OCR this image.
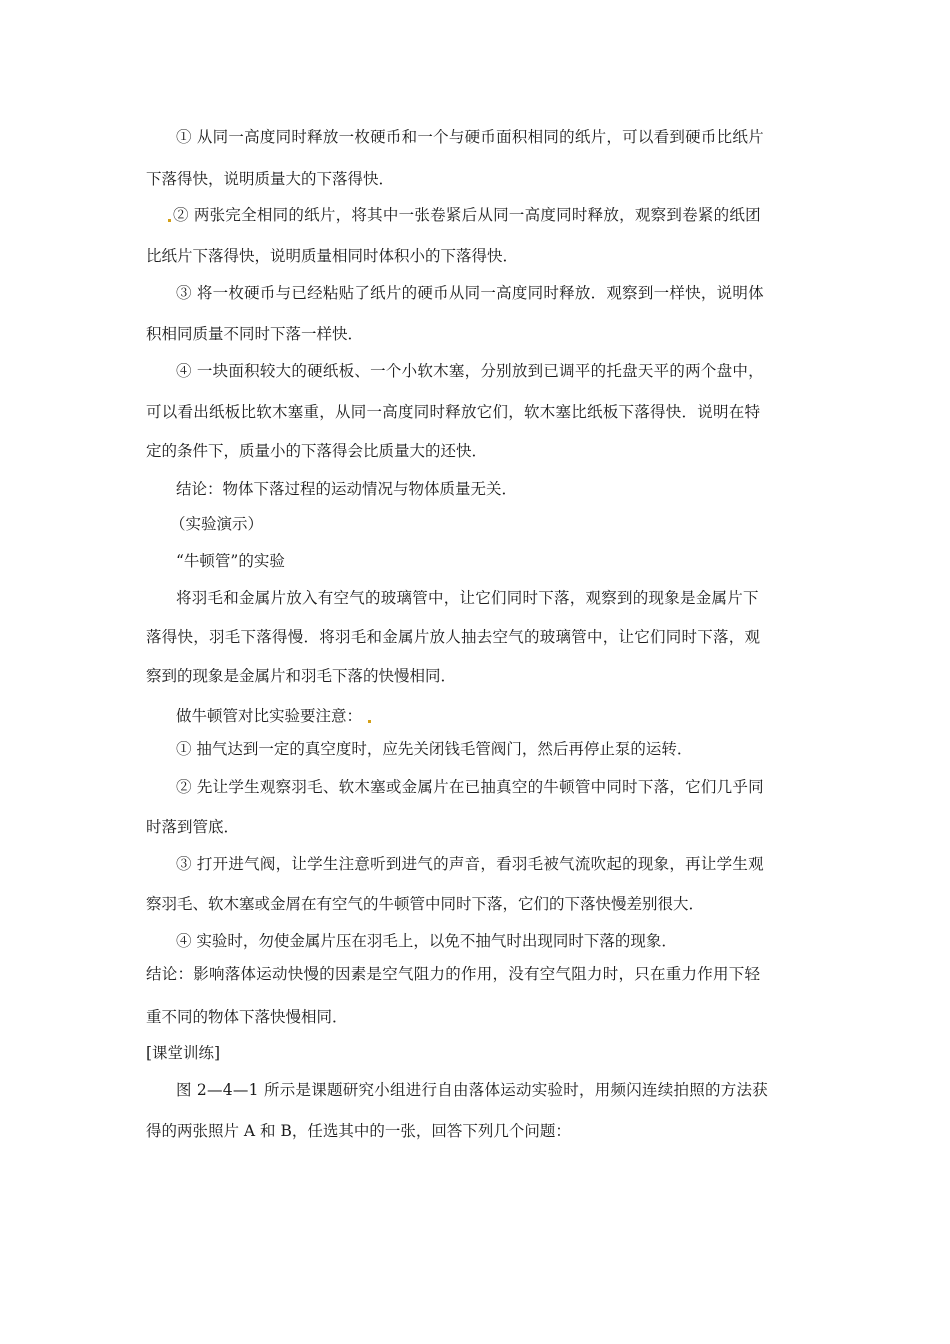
① 从同一高度同时释放一枚硬币和一个与硬币面积相同的纸片，可以看到硬币比纸片
下落得快，说明质量大的下落得快．
② 两张完全相同的纸片，将其中一张卷紧后从同一高度同时释放，观察到卷紧的纸团
比纸片下落得快，说明质量相同时体积小的下落得快．
③ 将一枚硬币与已经粘贴了纸片的硬币从同一高度同时释放．观察到一样快，说明体
积相同质量不同时下落一样快．
④ 一块面积较大的硬纸板、一个小软木塞，分别放到已调平的托盘天平的两个盘中，
可以看出纸板比软木塞重，从同一高度同时释放它们，软木塞比纸板下落得快．说明在特
定的条件下，质量小的下落得会比质量大的还快．
结论：物体下落过程的运动情况与物体质量无关．
（实验演示）
“牛顿管”的实验
将羽毛和金属片放入有空气的玻璃管中，让它们同时下落，观察到的现象是金属片下
落得快，羽毛下落得慢．将羽毛和金属片放人抽去空气的玻璃管中，让它们同时下落，观
察到的现象是金属片和羽毛下落的快慢相同．
做牛顿管对比实验要注意：
① 抽气达到一定的真空度时，应先关闭钱毛管阀门，然后再停止泵的运转．
② 先让学生观察羽毛、软木塞或金属片在已抽真空的牛顿管中同时下落，它们几乎同
时落到管底．
③ 打开进气阀，让学生注意听到进气的声音，看羽毛被气流吹起的现象，再让学生观
察羽毛、软木塞或金屑在有空气的牛顿管中同时下落，它们的下落快慢差别很大．
④ 实验时，勿使金属片压在羽毛上，以免不抽气时出现同时下落的现象．
结论：影响落体运动快慢的因素是空气阻力的作用，没有空气阻力时，只在重力作用下轻
重不同的物体下落快慢相同．
[课堂训练]
图 2—4—1 所示是课题研究小组进行自由落体运动实验时，用频闪连续拍照的方法获
得的两张照片 A 和 B，任选其中的一张，回答下列几个问题：
